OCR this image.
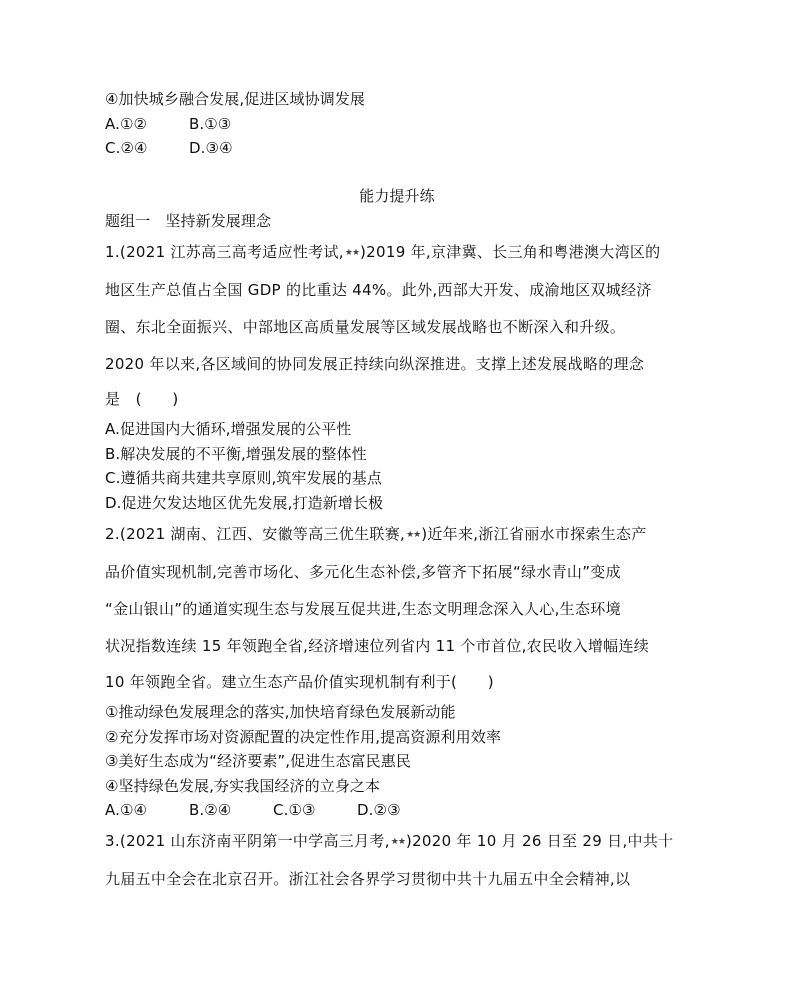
④加快城乡融合发展,促进区域协调发展
A.①②	B.①③
C.②④	D.③④
能力提升练
题组一　坚持新发展理念
1.(2021 江苏高三高考适应性考试,★★)2019 年,京津冀、长三角和粤港澳大湾区的
地区生产总值占全国 GDP 的比重达 44%。此外,西部大开发、成渝地区双城经济
圈、东北全面振兴、中部地区高质量发展等区域发展战略也不断深入和升级。
2020 年以来,各区域间的协同发展正持续向纵深推进。支撑上述发展战略的理念
是　(　　)
A.促进国内大循环,增强发展的公平性
B.解决发展的不平衡,增强发展的整体性
C.遵循共商共建共享原则,筑牢发展的基点
D.促进欠发达地区优先发展,打造新增长极
2.(2021 湖南、江西、安徽等高三优生联赛,★★)近年来,浙江省丽水市探索生态产
品价值实现机制,完善市场化、多元化生态补偿,多管齐下拓展“绿水青山”变成
“金山银山”的通道实现生态与发展互促共进,生态文明理念深入人心,生态环境
状况指数连续 15 年领跑全省,经济增速位列省内 11 个市首位,农民收入增幅连续
10 年领跑全省。建立生态产品价值实现机制有利于(　　)
①推动绿色发展理念的落实,加快培育绿色发展新动能
②充分发挥市场对资源配置的决定性作用,提高资源利用效率
③美好生态成为“经济要素”,促进生态富民惠民
④坚持绿色发展,夯实我国经济的立身之本
A.①④	B.②④	C.①③	D.②③
3.(2021 山东济南平阴第一中学高三月考,★★)2020 年 10 月 26 日至 29 日,中共十
九届五中全会在北京召开。浙江社会各界学习贯彻中共十九届五中全会精神,以
